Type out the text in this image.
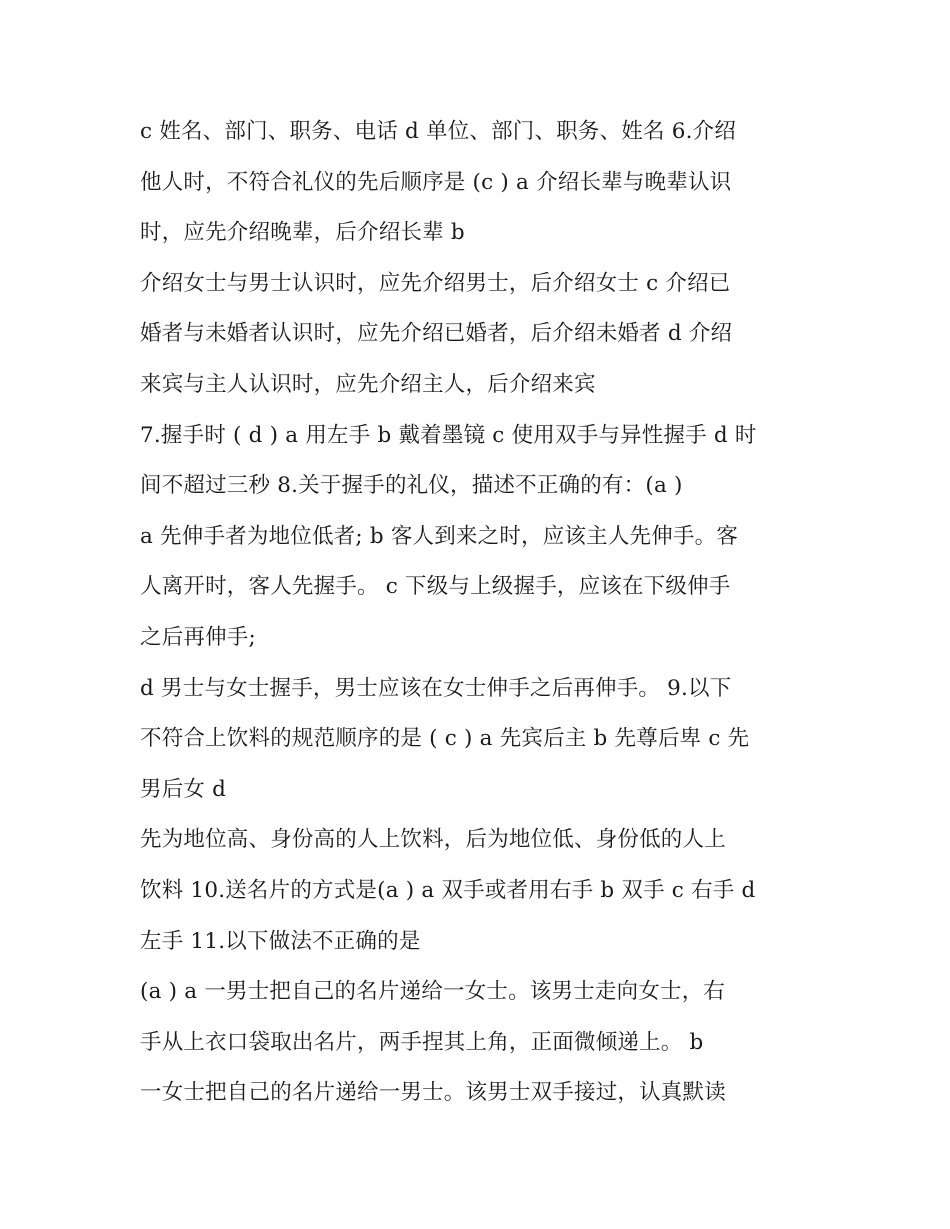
c 姓名、部门、职务、电话 d 单位、部门、职务、姓名 6.介绍
他人时，不符合礼仪的先后顺序是 (c ) a 介绍长辈与晚辈认识
时，应先介绍晚辈，后介绍长辈 b
介绍女士与男士认识时，应先介绍男士，后介绍女士 c 介绍已
婚者与未婚者认识时，应先介绍已婚者，后介绍未婚者 d 介绍
来宾与主人认识时，应先介绍主人，后介绍来宾
7.握手时 ( d ) a 用左手 b 戴着墨镜 c 使用双手与异性握手 d 时
间不超过三秒 8.关于握手的礼仪，描述不正确的有：(a )
a 先伸手者为地位低者; b 客人到来之时，应该主人先伸手。客
人离开时，客人先握手。 c 下级与上级握手，应该在下级伸手
之后再伸手;
d 男士与女士握手，男士应该在女士伸手之后再伸手。 9.以下
不符合上饮料的规范顺序的是 ( c ) a 先宾后主 b 先尊后卑 c 先
男后女 d
先为地位高、身份高的人上饮料，后为地位低、身份低的人上
饮料 10.送名片的方式是(a ) a 双手或者用右手 b 双手 c 右手 d
左手 11.以下做法不正确的是
(a ) a 一男士把自己的名片递给一女士。该男士走向女士，右
手从上衣口袋取出名片，两手捏其上角，正面微倾递上。 b
一女士把自己的名片递给一男士。该男士双手接过，认真默读
